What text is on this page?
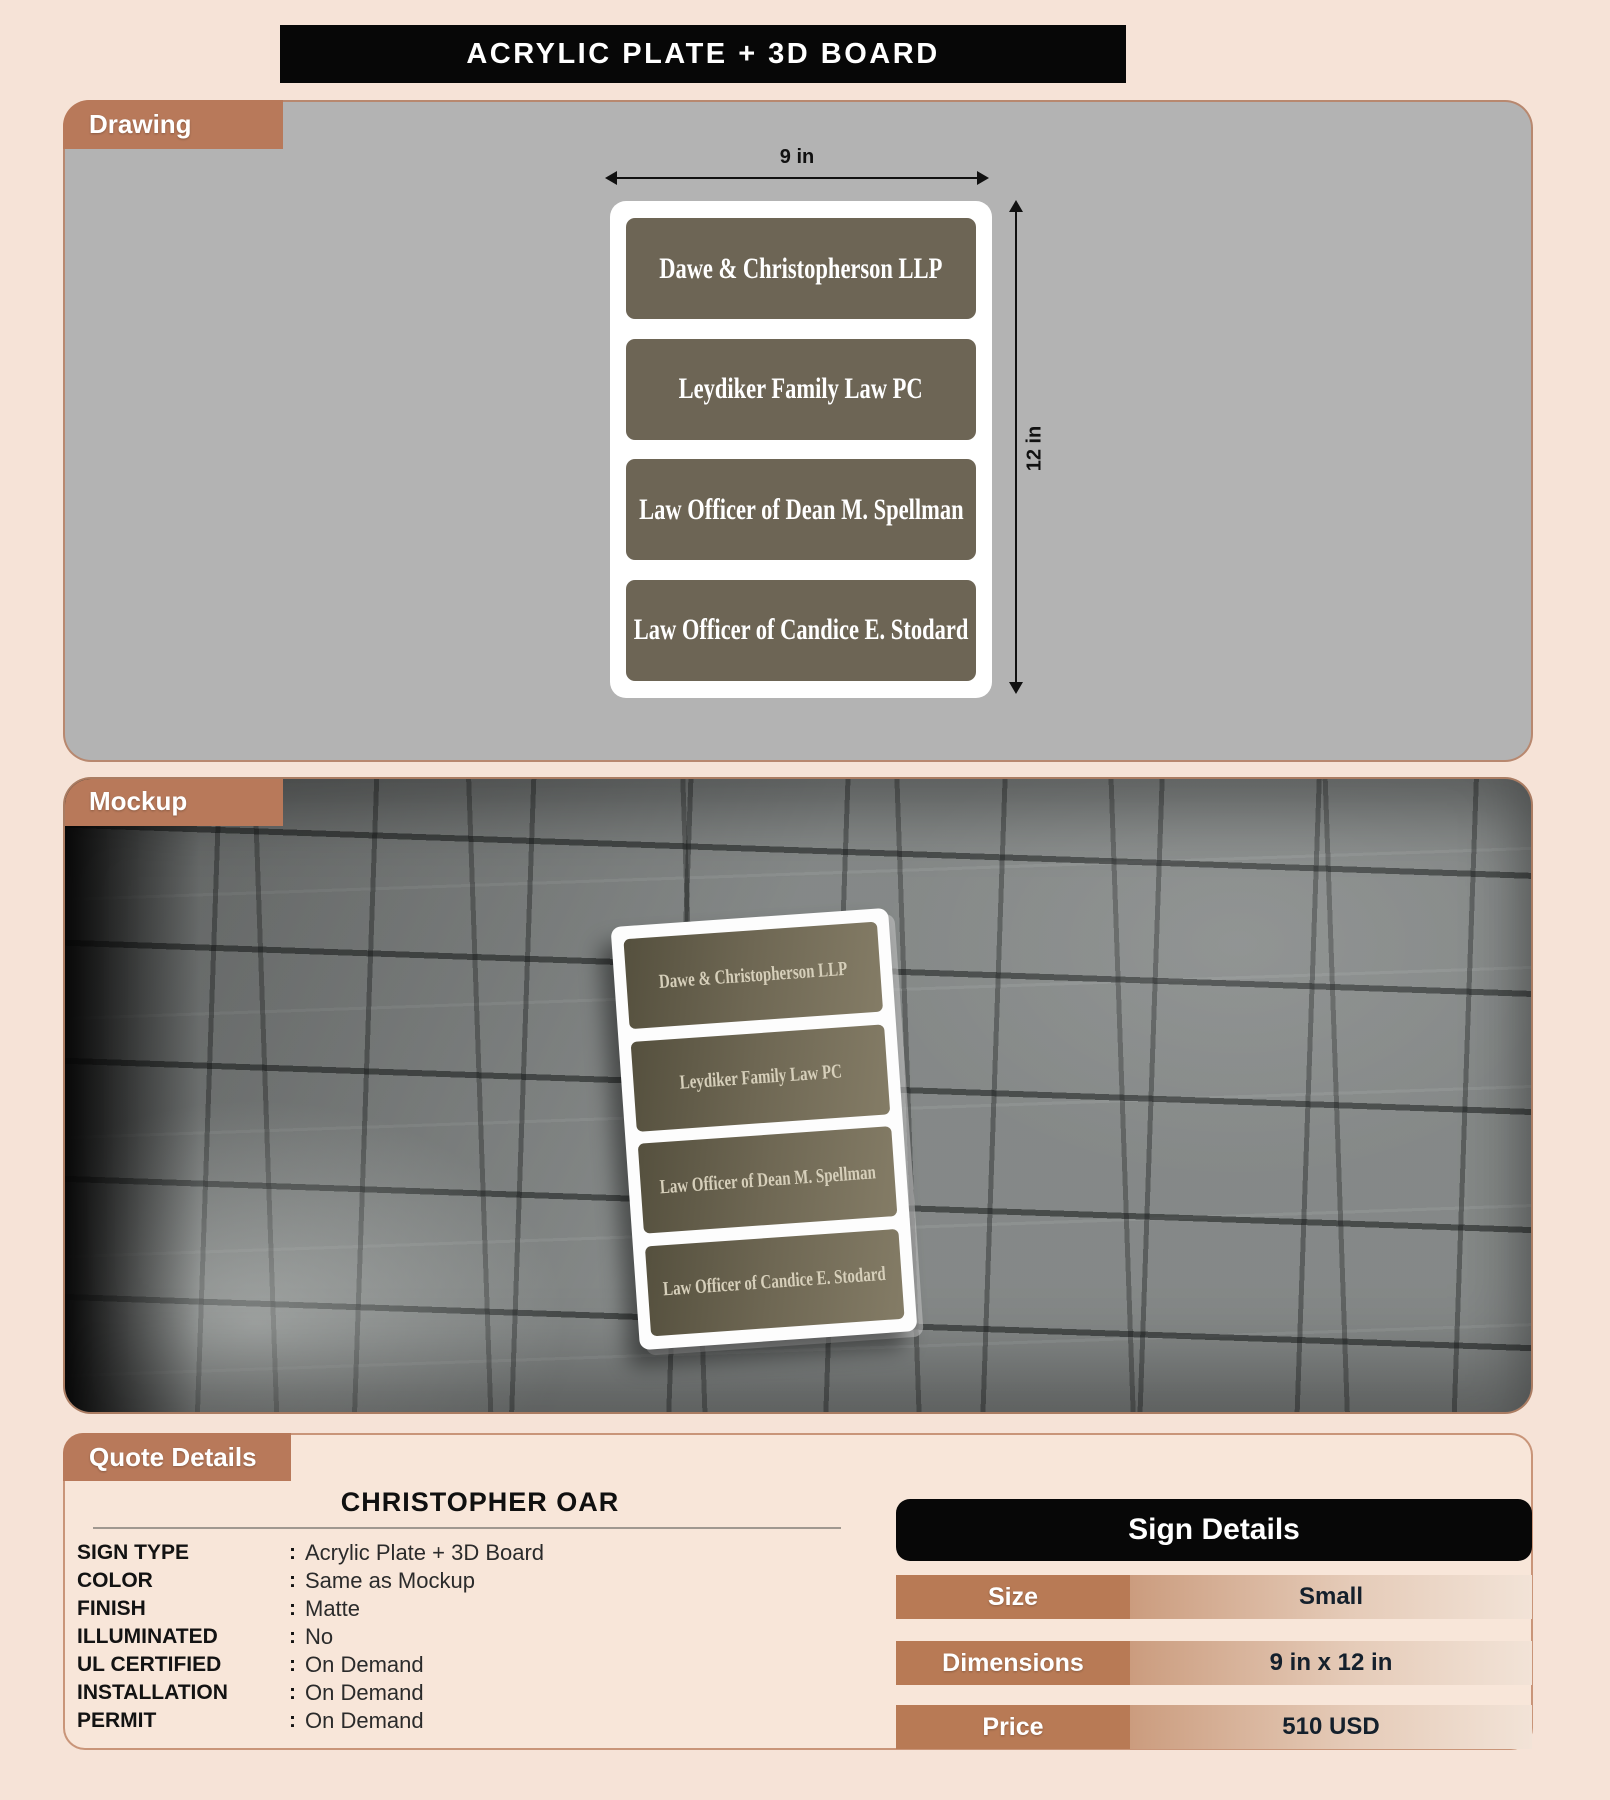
ACRYLIC PLATE + 3D BOARD
Drawing
9 in
12 in
Dawe & Christopherson LLP
Leydiker Family Law PC
Law Officer of Dean M. Spellman
Law Officer of Candice E. Stodard
Dawe & Christopherson LLP
Leydiker Family Law PC
Law Officer of Dean M. Spellman
Law Officer of Candice E. Stodard
Mockup
Quote Details
CHRISTOPHER OAR
SIGN TYPE	: Acrylic Plate + 3D Board
COLOR	: Same as Mockup
FINISH	: Matte
ILLUMINATED	: No
UL CERTIFIED	: On Demand
INSTALLATION	: On Demand
PERMIT	: On Demand
Sign Details
Size	Small
Dimensions	9 in x 12 in
Price	510 USD
